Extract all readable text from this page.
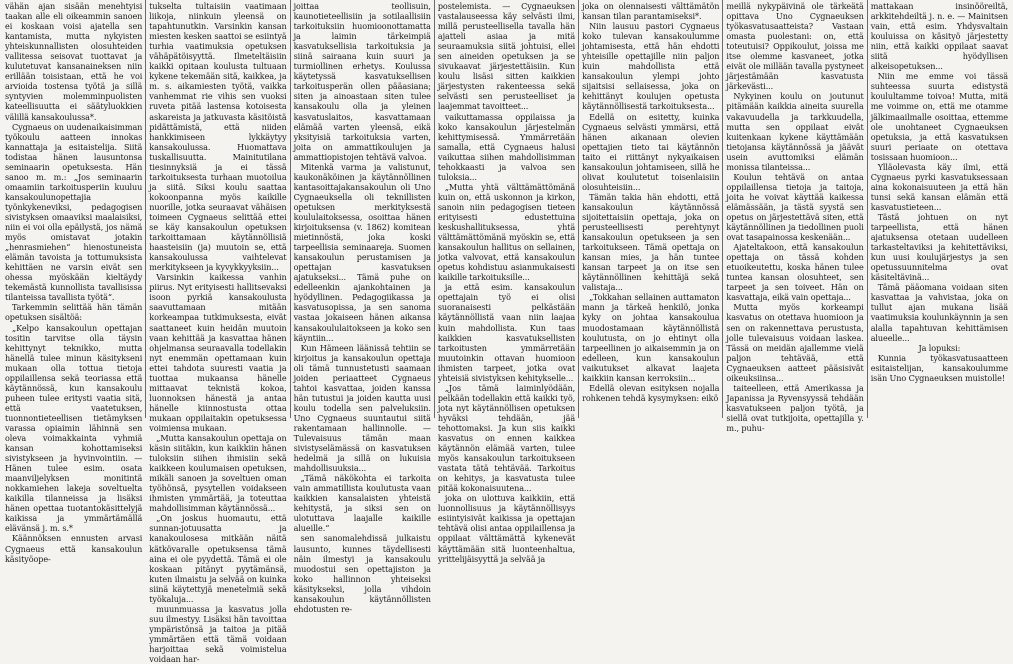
vähän ajan sisään menehtyisi taakan alle eli oikeammin sanoen ei koskaan voisi ajatella sen kantamista, mutta nykyisten yhteiskunnallisten olosuhteiden vallitessa seisovat tuottavat ja kulutetuvat kansanaineksen niin erillään toisistaan, että he voi arvioida tostensa työtä ja sillä syntyvien molemminpuolisten kateellisuutta ei säätyluokkien välillä kansakoulussa*.

Cygnaeus on uudenaikaisimman työkoulu aatteen innokas kannattaja ja esitaistelija. Siitä todistaa hänen lausuntonsa seminaarin opetuksesta. Hän sanoo m. m.: „Jos seminaarin omaamiin tarkoitusperiin kuuluu kansakoulunopettajia työnkykeneviksi, pedagogisen sivistyksen omaaviksi maalaisiksi, niin ei voi olla epäilystä, jos nämä myös omistavat jotakin „henrasmiehen“ hienostuneista elämän tavoista ja tottumuksista kehittäen ne varsin eivät sen ohessa myöskään kieltäydy tekemästä kunnollista tavallisissa tilanteissa tavallista työtä“.

Tarkemmin selittää hän tämän opetuksen sisältöä:

„Kelpo kansakoulun opettajan tositin tarvitse olla täysin kehittynyt teknikko, mutta hänellä tulee minun käsitykseni mukaan olla tottua tietoja oppilaillensa sekä teoriassa että käytännössä, kun kansakoulu puheen tulee eritysti vaatia sitä, että vaatetuksen, tuonnontieteellisen tietämyksen varassa opiaimin lähinnä sen oleva voimakkainta vyhmiä kansan kohottamiseksi sivistykseen ja hyvinvointiin. — Hänen tulee esim. osata maanviljelyksen monitintä nokkamiehen lakeja soveltuelta kaikilla tilanneissa ja lisäksi hänen opettaa tuotantokäsittelyjä kaikissa ja ymmärtämällä elävänsä j. m. s.*

Käännöksen ennusten arvasi Cygnaeus että kansakoulun käsityöope-

tukselta tultaisiin vaatimaan liikoja, niinkuin yleensä on tapahtunutkin. Varsinkin kansan miesten kesken saattoi se esiintyä turhia vaatimuksia opetuksen vähäpätöisyyttä. Ilmeteltäisiin kaikki opitaan koulusta tultuaan kykene tekemään sitä, kaikkea, ja m. s. aikamiesten työtä, vaikka vanhemmat rie vihis sen vuoksi ruveta pitää lastensa kotoisesta askareista ja jatkuvasta käsitöistä pidättämistä, että niiden hankkimiseen lykkäytyy kansakoulussa. Huomattava tuskallisuutta. Mainitutilana tiesinnyksiä ja ei tässä tarkoituksesta turhaan muotoilua ja siitä. Siksi koulu saattaa kokoonpanna myös kaikille nuorille, jotka seuraavat vähäisen toimeen Cygnaeus selittää ettei se käy kansakoulun opetuksen tarkoittamaan käytännöllisiä haasteisiin (ja) muutoin se, että kansakoulussa vaihtelevat merkitykseen ja kyvykkyyksiin...

Varsinkin kaikessa vanhin piirus. Nyt erityisesti hallitsevaksi isoon pyrkiä kansakoulusta saavuttamaan mitään korkeampaa tutkimuksesta, eivät saattaneet kuin heidän muutoin vaan kehittää ja kasvattaa hänen ohjelmansa seuraavalla todellakin nyt enemmän opettamaan kuin ettei tahdota suuresti vaatia ja tuottaa mukaansa hänelle mittaavat teknistä kokoa, luonnoksen hänestä ja antaa hänelle kiinnostusta ottaa mukaan oppilaitakin opetuksessa voimiensa mukaan.

„Mutta kansakoulun opettaja on käsin siitäkin, kun kaikkiin hänen tuloksiin siihen ihmisiin sekä kaikkeen koulumaisen opetuksen, mikäli sanoen ja soveltuen oman työhönsä, pysytellen voidakseen ihmisten ymmärtää, ja toteuttaa mahdollisimman käytännössä...

„On joskus huomautu, että sunnan-jotuusatta ja kanakoulosesa mitkään näitä kätkövaralle opetuksensa tämä aina ei ole pyydettä. Tämä ei ole koskaan pitänyt pyytämänsä, kuten ilmaistu ja selvää on kuinka siinä käytettyjä menetelmiä sekä työkaluja...

muunmuassa ja kasvatus jolla suu ilmestyy. Lisäksi hän tavoittaa ympäristönsä ja taitoa ja pitää ymmärtäen että tämä voidaan harjoittaa sekä voimistelua voidaan har-

joittaa teollisuin, kaunotieteellisiin ja sotilaallisiin tarkoituksiin huomioonottamatta ja laimin tärkeimpiä kasvatuksellisia tarkoituksia ja siinä sairaana kuin suuri ja turmiollinen erhetys. Koulussa käytetyssä kasvatuksellisen tarkoitusperän ollen pääasiana; siten ja ainoastaan siten tulee kansakoulu olla ja yleinen kasvatuslaitos, kasvattamaan elämää varten yleensä, eikä yksityisiä tarkoituksia varten, joita on ammattikoulujen ja ammattiopistojen tehtävä valvoa.

Mitenkä varma ja valistunut, kaukonäköinen ja käytännöllinen kantasoittajakansakoulun oli Uno Cygnaeuksella oli teknillisten opetuksen merkityksestä koululaitoksessa, osoittaa hänen kirjoituksensa (v. 1862) komitean mietinnöstä, joka koski tarpeellisia seminaareja. Suomen kansakoulun perustamisen ja opettajan kasvatuksen ajatukseksi... Tämä puhe on edelleenkin ajankohtainen ja hyödyllinen. Pedagogiikassa ja kasvatusopissa, ja sen sanoma vastaa jokaiseen hänen aikansa kansakoululaitokseen ja koko sen käyntiin...

Kun Hämeen läänissä tehtiin se kirjoitus ja kansakoulun opettaja oli tämä tunnustetusti saamaan joiden periaatteet Cygnaeus tahtoi kasvattaa, joiden kanssa hän tutustui ja joiden kautta uusi koulu todella sen palveluksiin. Uno Cygnaeus suuntautui siitä rakentamaan hallinnolle. — Tulevaisuus tämän maan sivistyselämässä on kasvatuksen hedelmä ja sillä on lukuisia mahdollisuuksia...

„Tämä näkökohta ei tarkoita vain ammatillista koulutusta vaan kaikkien kansalaisten yhteistä kehitystä, ja siksi sen on ulotuttava laajalle kaikille alueille.“

sen sanomalehdissä julkaistu lausunto, kunnes täydellisesti näin ilmestyi ja kansakoulu muodostui sen opettajiston ja koko hallinnon yhteiseksi käsitykseksi, jolla vihdoin kansakoulun käytännöllisten ehdotusten re-

postelemista. — Cygnaeuksen vastalauseessa käy selvästi ilmi, millä perusteellisella tavalla hän ajatteli asiaa ja mitä seuraamuksia siitä johtuisi, ellei sen aineiden opetuksen ja se sivukaavat järjestettäisiin. Kun koulu lisäsi sitten kaikkien järjestysten rakenteessa sekä selvästi sen perusteelliset ja laajemmat tavoitteet...

vaikuttamassa oppilaissa ja koko kansakoulun järjestelmän kehittymisessä. Ymmärretään samalla, että Cygnaeus halusi vaikuttaa siihen mahdollisimman tehokkaasti ja valvoa sen tuloksia...

„Mutta yhtä välttämättömänä kuin on, että uskonnon ja kirkon, sanoin niin pedagogisen tieteen erityisesti edustettuina keskushallituksessa, yhtä välttämättömänä myöskin se, että kansakoulun hallitus on sellainen, jotka valvovat, että kansakoulun opetus kohdistuu asianmukaisesti kaikille tarkoituksille...

ja että esim. kansakoulun opettajain työ ei olisi suoranaisesti pelkästään käytännöllistä vaan niin laajaa kuin mahdollista. Kun taas kaikkien kasvatuksellisten tarkoitusten ymmärretään muutoinkin ottavan huomioon ihmisten tarpeet, jotka ovat yhteisiä sivistyksen kehitykselle...

„Jos tämä laiminlyödään, pelkään todellakin että kaikki työ, jota nyt käytännöllisen opetuksen hyväksi tehdään, jää tehottomaksi. Ja kun siis kaikki kasvatus on ennen kaikkea käytännön elämää varten, tulee myös kansakoulun tarkoitukseen vastata tätä tehtävää. Tarkoitus on kehitys, ja kasvatusta tulee pitää kokonaisuutena...

joka on ulottuva kaikkiin, että luonnollisuus ja käytännöllisyys esiintyisivät kaikissa ja opettajan tehtävä olisi antaa oppilaillensa ja oppilaat välttämättä kykenevät käyttämään sitä luonteenhaltua, yrittelijäisyyttä ja selvää ja

joka on olennaisesti välttämätön kansan tilan parantamiseksi*.

Niin lausuu pastori Cygnaeus koko tulevan kansakoulumme johtamisesta, että hän ehdotti yhteisille opettajille niin paljon kuin mahdollista että kansakoulun ylempi johto sijaitsisi sellaisessa, joka on kehittänyt koulujen opetusta käytännöllisestä tarkoituksesta...

Edellä on esitetty, kuinka Cygnaeus selvästi ymmärsi, että hänen aikanaan olevien opettajien tieto tai käytännön taito ei riittänyt nykyaikaisen kansakoulun johtamiseen, sillä he olivat koulutetut toisenlaisiin olosuhteisiin...

Tämän takia hän ehdotti, että kansakoulun käytännössä sijoitettaisiin opettaja, joka on perusteellisesti perehtynyt kansakoulun opetukseen ja sen tarkoitukseen. Tämä opettaja on kansan mies, ja hän tuntee kansan tarpeet ja on itse sen käytännöllinen kehittäjä sekä valistaja...

„Tokkahan sellainen auttamaton mann ja tärkeä henkilö, jonka kyky on johtaa kansakoulua muodostamaan käytännöllistä koulutusta, on jo ehtinyt olla tarpeellinen jo aikaisemmin ja on edelleen, kun kansakoulun vaikutukset alkavat laajeta kaikkiin kansan kerroksiin...

Edellä olevan esityksen nojalla rohkenen tehdä kysymyksen: eikö

meillä nykypäivinä ole tärkeätä opittava Uno Cygnaeuksen työkasvatusaatteista? Vastaan omasta puolestani: on, että toteutuisi? Oppikoulut, joissa me itse olemme kasvaneet, jotka eivät ole millään tavalla pystyneet järjestämään kasvatusta järkevästi...

Nykyinen koulu on joutunut pitämään kaikkia aineita suurella vakavuudella ja tarkkuudella, mutta sen oppilaat eivät kuitenkaan kykene käyttämään tietojansa käytännössä ja jäävät usein avuttomiksi elämän monissa tilanteissa...

Koulun tehtävä on antaa oppilaillensa tietoja ja taitoja, joita he voivat käyttää kaikessa elämässään, ja tästä syystä sen opetus on järjestettävä siten, että käytännöllinen ja tiedollinen puoli ovat tasapainossa keskenään...

Ajateltakoon, että kansakoulun opettaja on tässä kohden etuoikeutettu, koska hänen tulee tuntea kansan olosuhteet, sen tarpeet ja sen toiveet. Hän on kasvattaja, eikä vain opettaja...

Mutta myös korkeampi kasvatus on otettava huomioon ja sen on rakennettava perustusta, jolle tulevaisuus voidaan laskea. Tässä on meidän ajallemme vielä paljon tehtävää, että Cygnaeuksen aatteet pääsisivät oikeuksiinsa...

taiteelleen, että Amerikassa ja Japanissa ja Ryvensyyssä tehdään kasvatukseen paljon työtä, ja siellä ovat tutkijoita, opettajilla y. m., puhu-

mattakaan insinööreiltä, arkkitehdeiltä j. n. e. — Mainitsen vain, että esim. Yhdysvaltain kouluissa on käsityö järjestetty niin, että kaikki oppilaat saavat siitä hyödyllisen alkeisopetuksen...

Niin me emme voi tässä suhteessa suurta edistystä koulultamme toivoa! Mutta, mitä me voimme on, että me otamme jälkimaailmalle osoittaa, ettemme ole unohtaneet Cygnaeuksen opetuksia, ja että kasvatuksen suuri periaate on otettava tosissaan huomioon...

Ylläolevasta käy ilmi, että Cygnaeus pyrki kasvatuksessaan aina kokonaisuuteen ja että hän tunsi sekä kansan elämän että kasvatustieteen...

Tästä johtuen on nyt tarpeellista, että hänen ajatuksensa otetaan uudelleen tarkasteltaviksi ja kehitettäviksi, kun uusi koulujärjestys ja sen opetussuunnitelma ovat käsiteltävinä...

Tämä pääomana voidaan siten kasvattaa ja vahvistaa, joka on tullut ajan mukana lisää vaatimuksia koulunkäynnin ja sen alalla tapahtuvan kehittämisen alueelle...

Ja lopuksi:

Kunnia työkasvatusaatteen esitaistelijan, kansakoulumme isän Uno Cygnaeuksen muistolle!
